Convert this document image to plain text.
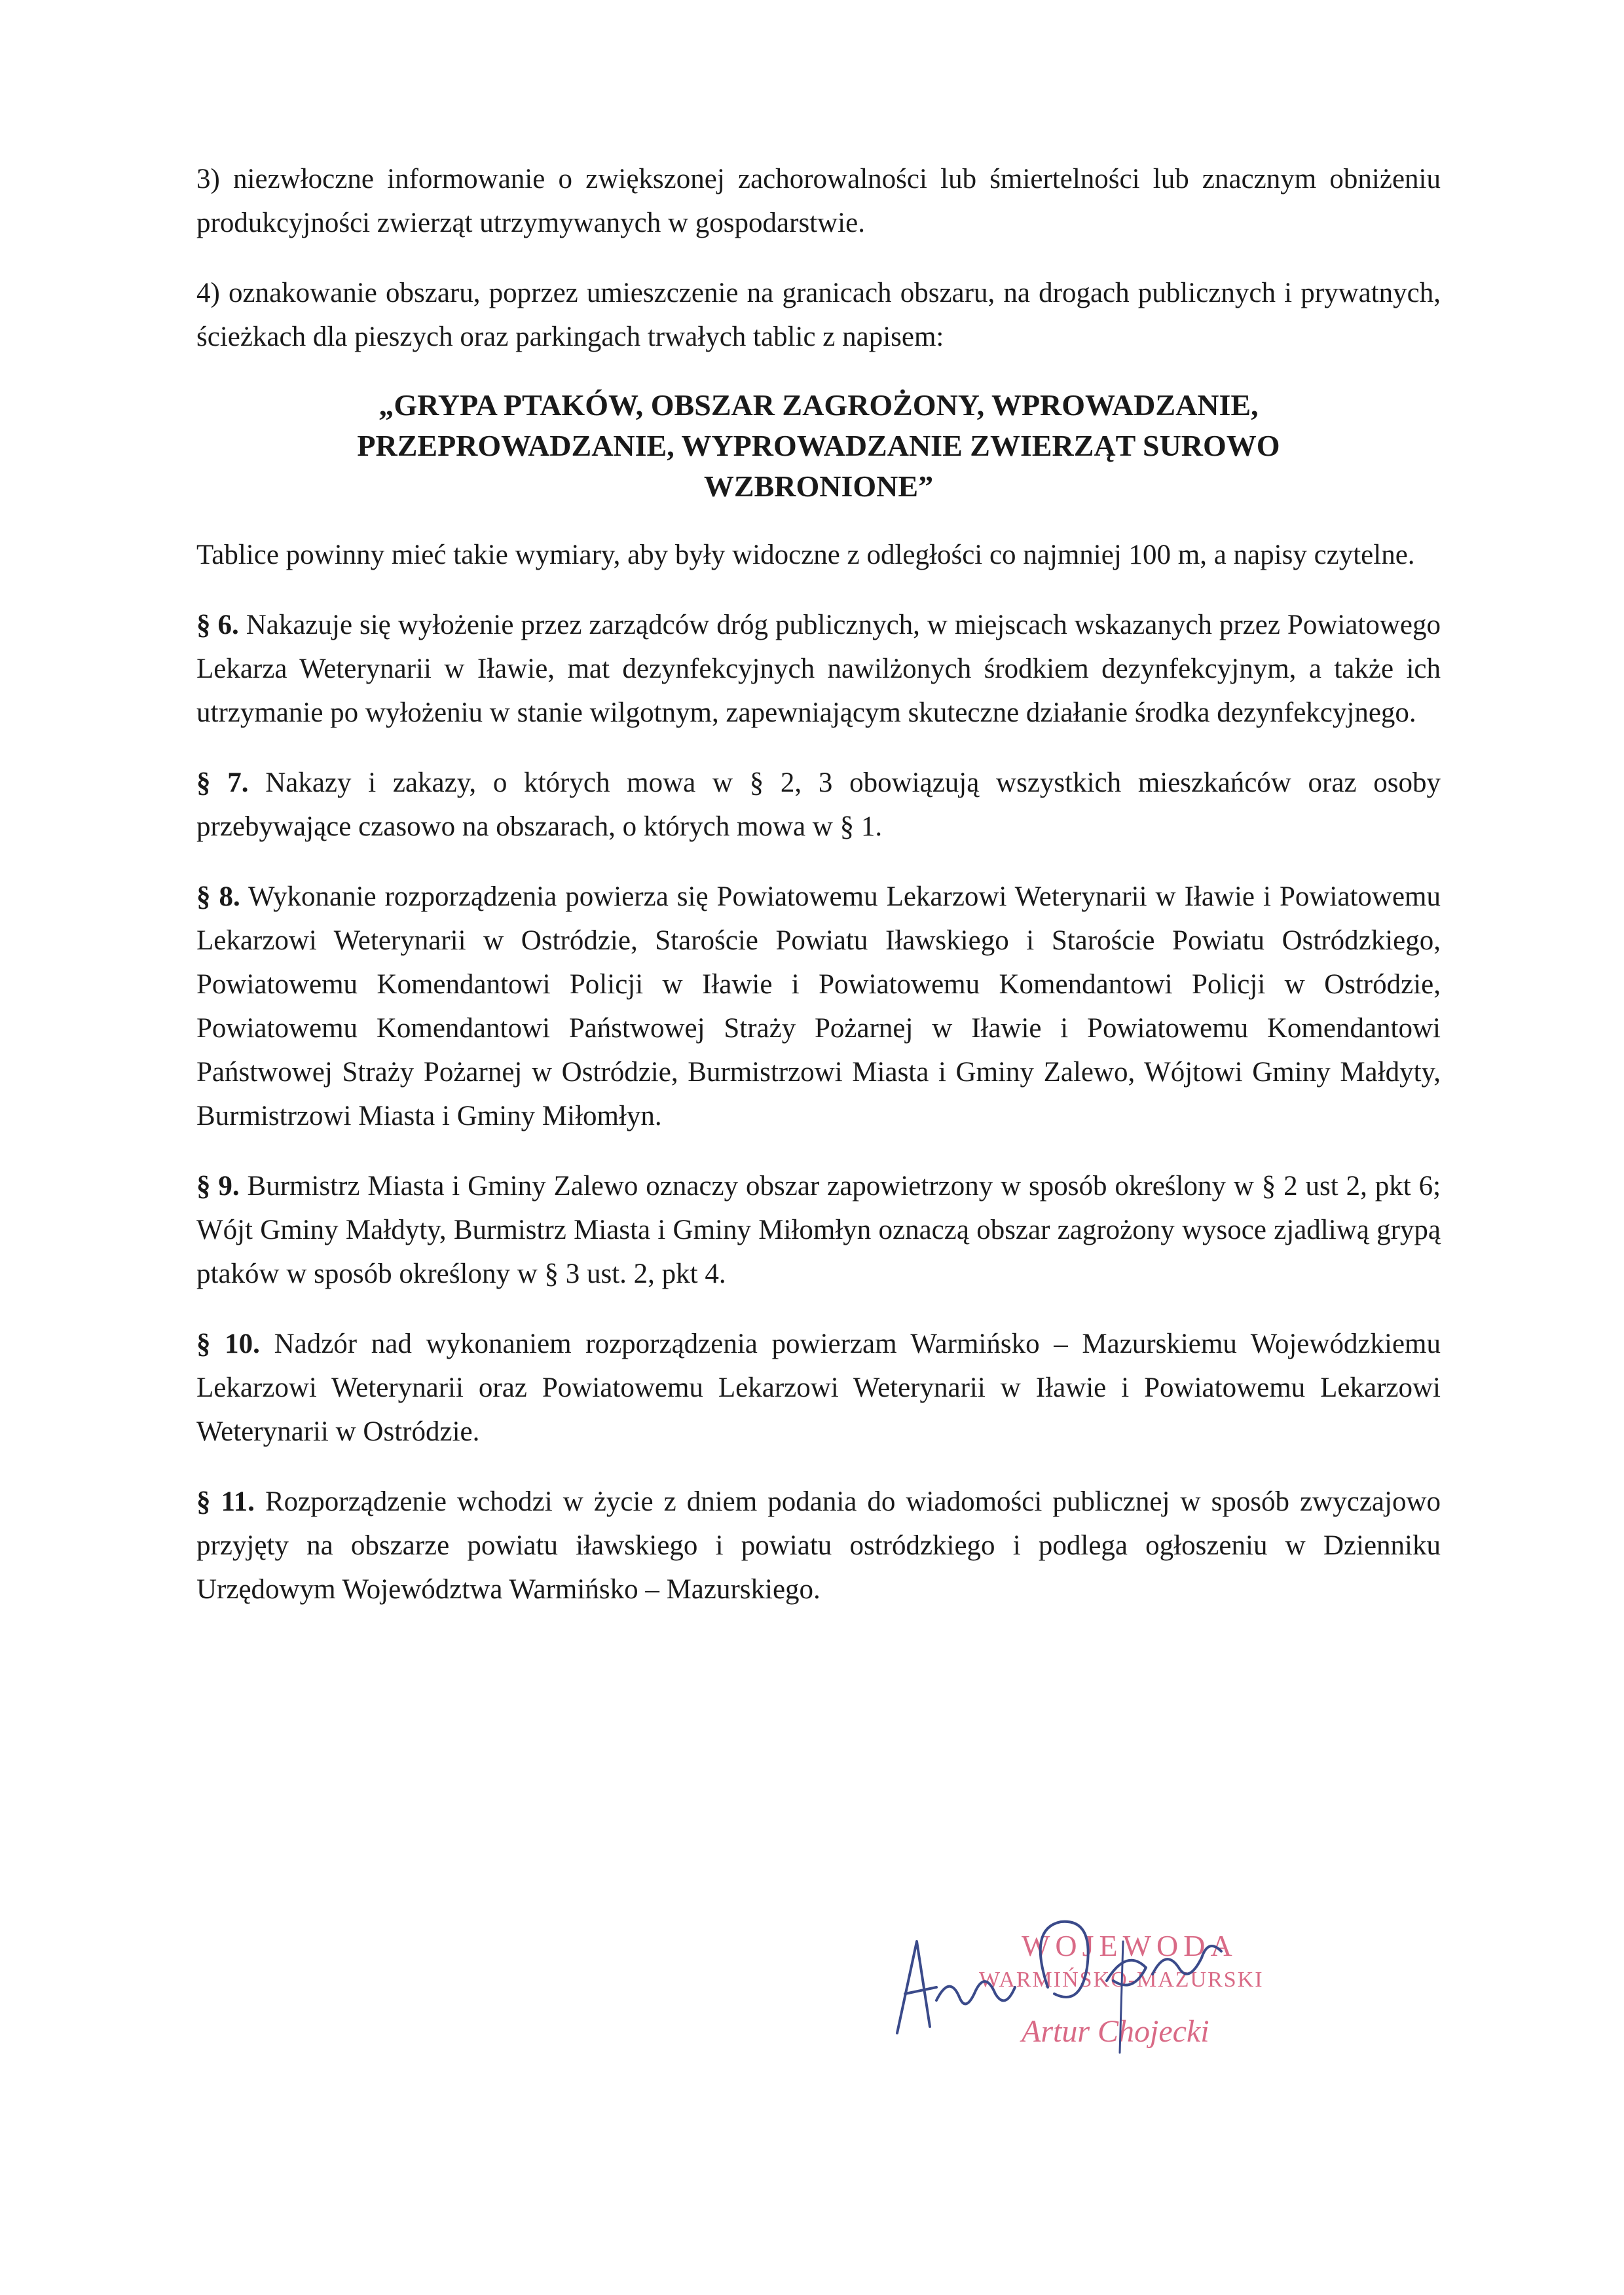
3) niezwłoczne informowanie o zwiększonej zachorowalności lub śmiertelności lub znacznym obniżeniu produkcyjności zwierząt utrzymywanych w gospodarstwie.

4) oznakowanie obszaru, poprzez umieszczenie na granicach obszaru, na drogach publicznych i prywatnych, ścieżkach dla pieszych oraz parkingach trwałych tablic z napisem:

„GRYPA PTAKÓW, OBSZAR ZAGROŻONY, WPROWADZANIE, PRZEPROWADZANIE, WYPROWADZANIE ZWIERZĄT SUROWO WZBRONIONE”

Tablice powinny mieć takie wymiary, aby były widoczne z odległości co najmniej 100 m, a napisy czytelne.

§ 6. Nakazuje się wyłożenie przez zarządców dróg publicznych, w miejscach wskazanych przez Powiatowego Lekarza Weterynarii w Iławie, mat dezynfekcyjnych nawilżonych środkiem dezynfekcyjnym, a także ich utrzymanie po wyłożeniu w stanie wilgotnym, zapewniającym skuteczne działanie środka dezynfekcyjnego.

§ 7. Nakazy i zakazy, o których mowa w § 2, 3 obowiązują wszystkich mieszkańców oraz osoby przebywające czasowo na obszarach, o których mowa w § 1.

§ 8. Wykonanie rozporządzenia powierza się Powiatowemu Lekarzowi Weterynarii w Iławie i Powiatowemu Lekarzowi Weterynarii w Ostródzie, Staroście Powiatu Iławskiego i Staroście Powiatu Ostródzkiego, Powiatowemu Komendantowi Policji w Iławie i Powiatowemu Komendantowi Policji w Ostródzie, Powiatowemu Komendantowi Państwowej Straży Pożarnej w Iławie i Powiatowemu Komendantowi Państwowej Straży Pożarnej w Ostródzie, Burmistrzowi Miasta i Gminy Zalewo, Wójtowi Gminy Małdyty, Burmistrzowi Miasta i Gminy Miłomłyn.

§ 9. Burmistrz Miasta i Gminy Zalewo oznaczy obszar zapowietrzony w sposób określony w § 2 ust 2, pkt 6; Wójt Gminy Małdyty, Burmistrz Miasta i Gminy Miłomłyn oznaczą obszar zagrożony wysoce zjadliwą grypą ptaków w sposób określony w § 3 ust. 2, pkt 4.

§ 10. Nadzór nad wykonaniem rozporządzenia powierzam Warmińsko – Mazurskiemu Wojewódzkiemu Lekarzowi Weterynarii oraz Powiatowemu Lekarzowi Weterynarii w Iławie i Powiatowemu Lekarzowi Weterynarii w Ostródzie.

§ 11. Rozporządzenie wchodzi w życie z dniem podania do wiadomości publicznej w sposób zwyczajowo przyjęty na obszarze powiatu iławskiego i powiatu ostródzkiego i podlega ogłoszeniu w Dzienniku Urzędowym Województwa Warmińsko – Mazurskiego.

WOJEWODA
WARMIŃSKO-MAZURSKI
Artur Chojecki
